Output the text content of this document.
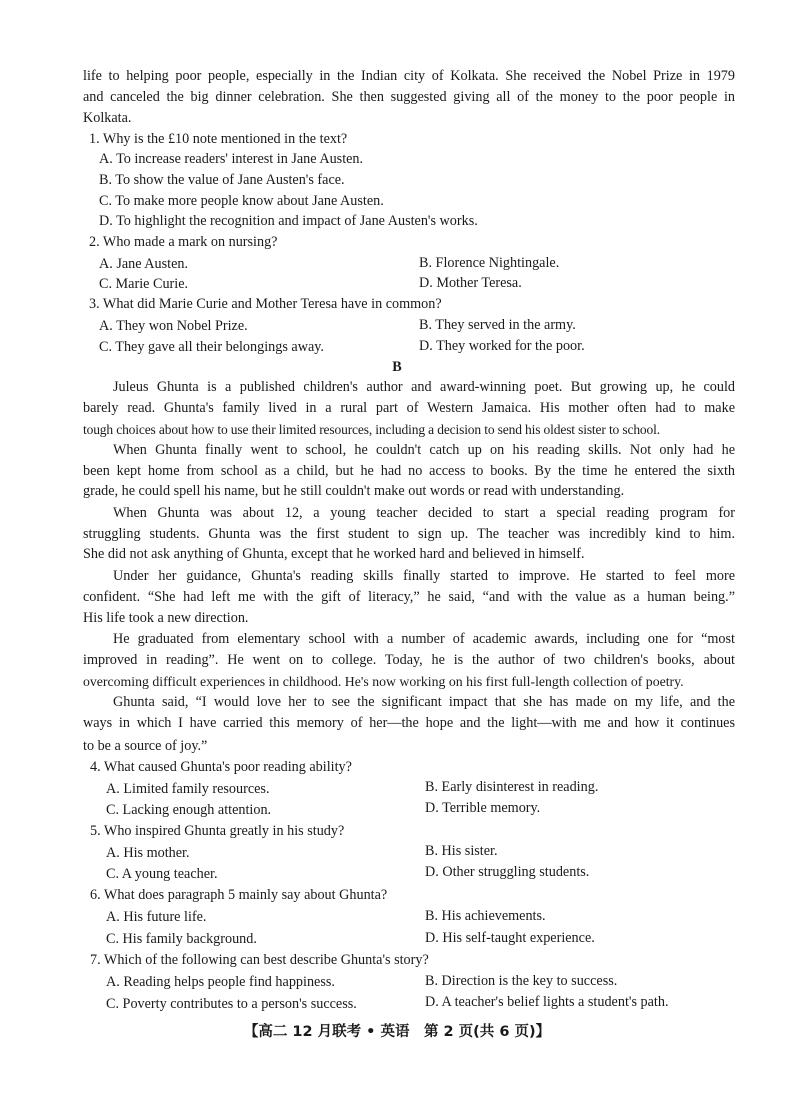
life to helping poor people, especially in the Indian city of Kolkata. She received the Nobel Prize in 1979
and canceled the big dinner celebration. She then suggested giving all of the money to the poor people in
Kolkata.
1. Why is the £10 note mentioned in the text?
A. To increase readers' interest in Jane Austen.
B. To show the value of Jane Austen's face.
C. To make more people know about Jane Austen.
D. To highlight the recognition and impact of Jane Austen's works.
2. Who made a mark on nursing?
A. Jane Austen.	B. Florence Nightingale.
C. Marie Curie.	D. Mother Teresa.
3. What did Marie Curie and Mother Teresa have in common?
A. They won Nobel Prize.	B. They served in the army.
C. They gave all their belongings away.	D. They worked for the poor.
B
Juleus Ghunta is a published children's author and award-winning poet. But growing up, he could
barely read. Ghunta's family lived in a rural part of Western Jamaica. His mother often had to make
tough choices about how to use their limited resources, including a decision to send his oldest sister to school.
When Ghunta finally went to school, he couldn't catch up on his reading skills. Not only had he
been kept home from school as a child, but he had no access to books. By the time he entered the sixth
grade, he could spell his name, but he still couldn't make out words or read with understanding.
When Ghunta was about 12, a young teacher decided to start a special reading program for
struggling students. Ghunta was the first student to sign up. The teacher was incredibly kind to him.
She did not ask anything of Ghunta, except that he worked hard and believed in himself.
Under her guidance, Ghunta's reading skills finally started to improve. He started to feel more
confident. “She had left me with the gift of literacy,” he said, “and with the value as a human being.”
His life took a new direction.
He graduated from elementary school with a number of academic awards, including one for “most
improved in reading”. He went on to college. Today, he is the author of two children's books, about
overcoming difficult experiences in childhood. He's now working on his first full-length collection of poetry.
Ghunta said, “I would love her to see the significant impact that she has made on my life, and the
ways in which I have carried this memory of her—the hope and the light—with me and how it continues
to be a source of joy.”
4. What caused Ghunta's poor reading ability?
A. Limited family resources.	B. Early disinterest in reading.
C. Lacking enough attention.	D. Terrible memory.
5. Who inspired Ghunta greatly in his study?
A. His mother.	B. His sister.
C. A young teacher.	D. Other struggling students.
6. What does paragraph 5 mainly say about Ghunta?
A. His future life.	B. His achievements.
C. His family background.	D. His self-taught experience.
7. Which of the following can best describe Ghunta's story?
A. Reading helps people find happiness.	B. Direction is the key to success.
C. Poverty contributes to a person's success.	D. A teacher's belief lights a student's path.
【高二 12 月联考 • 英语　第 2 页(共 6 页)】
